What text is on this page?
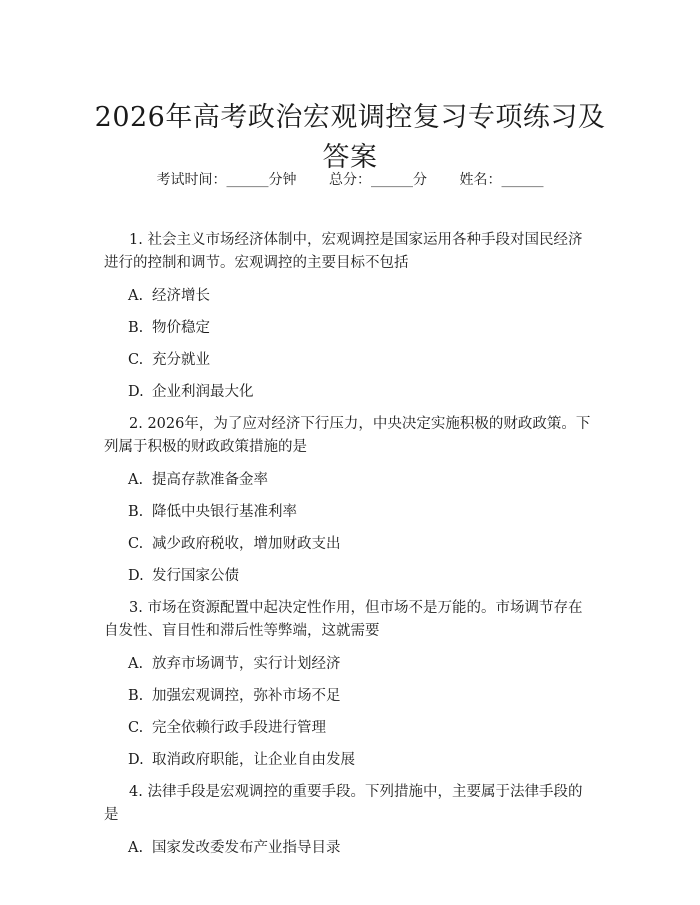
2026年高考政治宏观调控复习专项练习及答案
考试时间：______分钟 总分：______分 姓名：______

1. 社会主义市场经济体制中，宏观调控是国家运用各种手段对国民经济进行的控制和调节。宏观调控的主要目标不包括

A. 经济增长

B. 物价稳定

C. 充分就业

D. 企业利润最大化

2. 2026年，为了应对经济下行压力，中央决定实施积极的财政政策。下列属于积极的财政政策措施的是

A. 提高存款准备金率

B. 降低中央银行基准利率

C. 减少政府税收，增加财政支出

D. 发行国家公债

3. 市场在资源配置中起决定性作用，但市场不是万能的。市场调节存在自发性、盲目性和滞后性等弊端，这就需要

A. 放弃市场调节，实行计划经济

B. 加强宏观调控，弥补市场不足

C. 完全依赖行政手段进行管理

D. 取消政府职能，让企业自由发展

4. 法律手段是宏观调控的重要手段。下列措施中，主要属于法律手段的是

A. 国家发改委发布产业指导目录
